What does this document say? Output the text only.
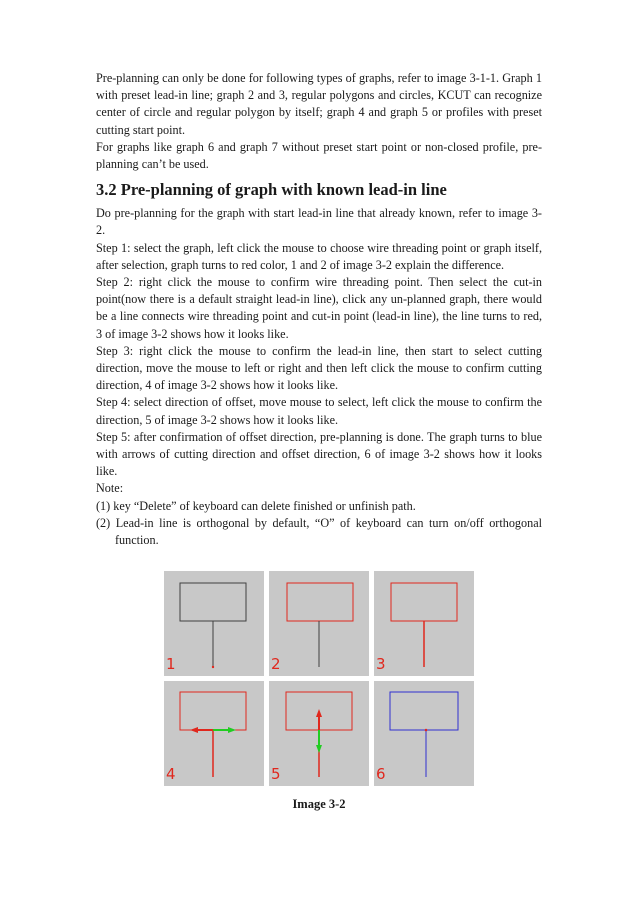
Pre-planning can only be done for following types of graphs, refer to image 3-1-1. Graph 1 with preset lead-in line; graph 2 and 3, regular polygons and circles, KCUT can recognize center of circle and regular polygon by itself; graph 4 and graph 5 or profiles with preset cutting start point.

For graphs like graph 6 and graph 7 without preset start point or non-closed profile, pre-planning can’t be used.

3.2 Pre-planning of graph with known lead-in line

Do pre-planning for the graph with start lead-in line that already known, refer to image 3-2.

Step 1: select the graph, left click the mouse to choose wire threading point or graph itself, after selection, graph turns to red color, 1 and 2 of image 3-2 explain the difference.

Step 2: right click the mouse to confirm wire threading point. Then select the cut-in point(now there is a default straight lead-in line), click any un-planned graph, there would be a line connects wire threading point and cut-in point (lead-in line), the line turns to red, 3 of image 3-2 shows how it looks like.

Step 3: right click the mouse to confirm the lead-in line, then start to select cutting direction, move the mouse to left or right and then left click the mouse to confirm cutting direction, 4 of image 3-2 shows how it looks like.

Step 4: select direction of offset, move mouse to select, left click the mouse to confirm the direction, 5 of image 3-2 shows how it looks like.

Step 5: after confirmation of offset direction, pre-planning is done. The graph turns to blue with arrows of cutting direction and offset direction, 6 of image 3-2 shows how it looks like.

Note:

(1) key “Delete” of keyboard can delete finished or unfinish path.

(2) Lead-in line is orthogonal by default, “O” of keyboard can turn on/off orthogonal function.

1	2	3
4	5	6
Image 3-2
